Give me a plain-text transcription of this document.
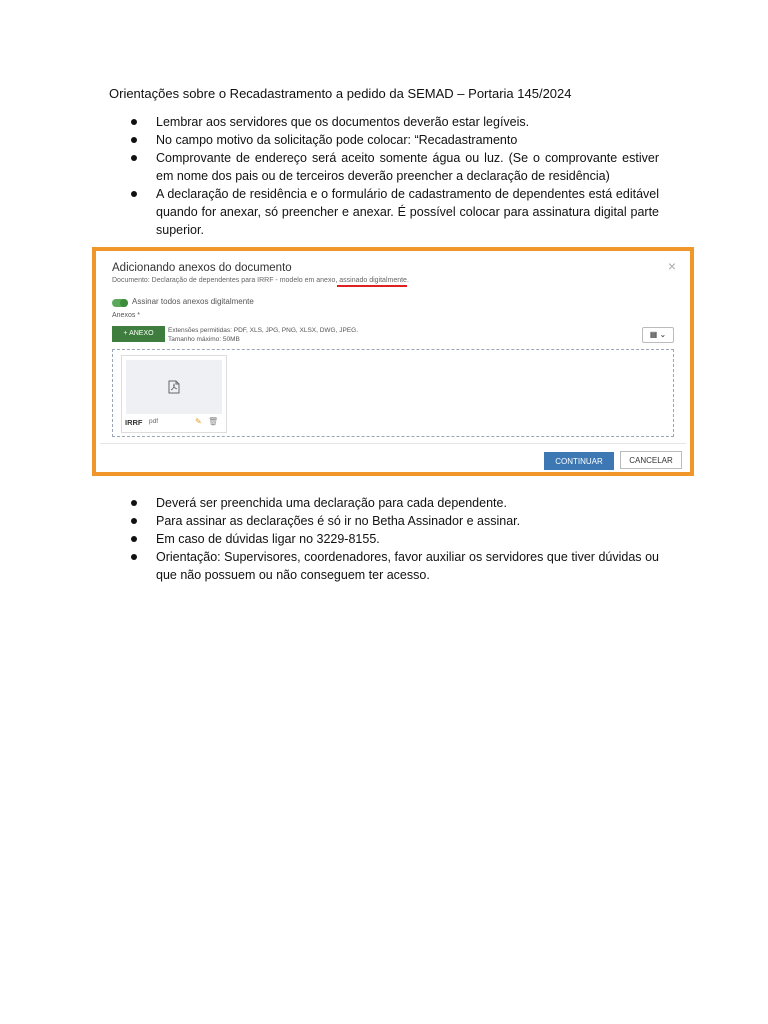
Orientações sobre o Recadastramento a pedido da SEMAD – Portaria 145/2024
Lembrar aos servidores que os documentos deverão estar legíveis.
No campo motivo da solicitação pode colocar: “Recadastramento
Comprovante de endereço será aceito somente água ou luz. (Se o comprovante estiver em nome dos pais ou de terceiros deverão preencher a declaração de residência)
A declaração de residência e o formulário de cadastramento de dependentes está editável quando for anexar, só preencher e anexar. É possível colocar para assinatura digital parte superior.
Adicionando anexos do documento
Documento: Declaração de dependentes para IRRF - modelo em anexo, assinado digitalmente.
×
Assinar todos anexos digitalmente
Anexos *
+ ANEXO	Extensões permitidas: PDF, XLS, JPG, PNG, XLSX, DWG, JPEG.
Tamanho máximo: 50MB
▦ ⌄
IRRF pdf	✎ 🗑
CONTINUAR	CANCELAR
Deverá ser preenchida uma declaração para cada dependente.
Para assinar as declarações é só ir no Betha Assinador e assinar.
Em caso de dúvidas ligar no 3229-8155.
Orientação: Supervisores, coordenadores, favor auxiliar os servidores que tiver dúvidas ou que não possuem ou não conseguem ter acesso.
